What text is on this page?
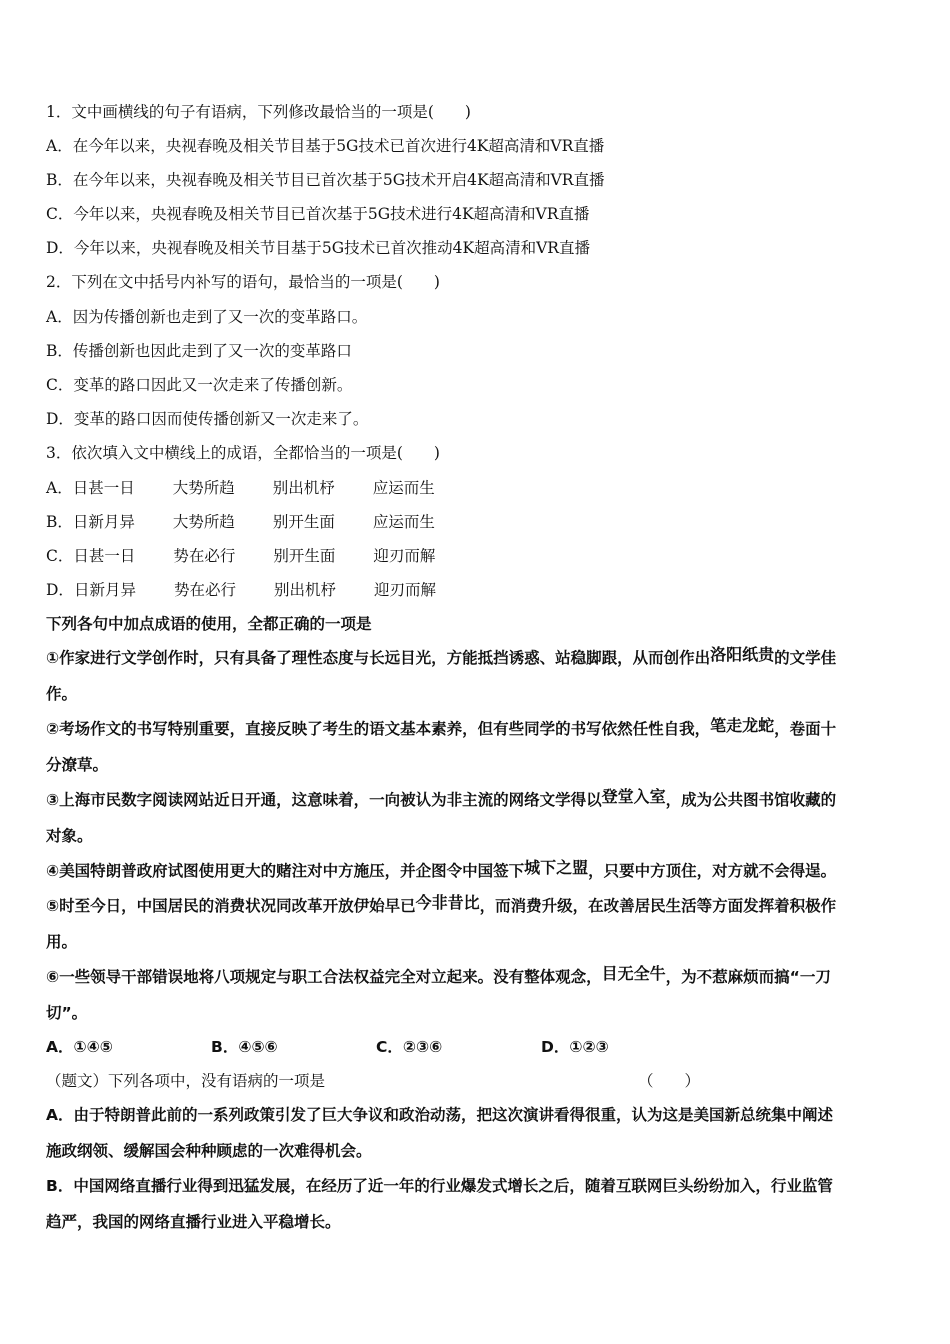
1．文中画横线的句子有语病，下列修改最恰当的一项是(　　)
A．在今年以来，央视春晚及相关节目基于5G技术已首次进行4K超高清和VR直播
B．在今年以来，央视春晚及相关节目已首次基于5G技术开启4K超高清和VR直播
C．今年以来，央视春晚及相关节目已首次基于5G技术进行4K超高清和VR直播
D．今年以来，央视春晚及相关节目基于5G技术已首次推动4K超高清和VR直播
2．下列在文中括号内补写的语句，最恰当的一项是(　　)
A．因为传播创新也走到了又一次的变革路口。
B．传播创新也因此走到了又一次的变革路口
C．变革的路口因此又一次走来了传播创新。
D．变革的路口因而使传播创新又一次走来了。
3．依次填入文中横线上的成语，全都恰当的一项是(　　)
A．日甚一日 大势所趋 别出机杼 应运而生
B．日新月异 大势所趋 别开生面 应运而生
C．日甚一日 势在必行 别开生面 迎刃而解
D．日新月异 势在必行 别出机杼 迎刃而解
下列各句中加点成语的使用，全都正确的一项是
①作家进行文学创作时，只有具备了理性态度与长远目光，方能抵挡诱惑、站稳脚跟，从而创作出洛阳纸贵的文学佳
作。
②考场作文的书写特别重要，直接反映了考生的语文基本素养，但有些同学的书写依然任性自我，笔走龙蛇，卷面十
分潦草。
③上海市民数字阅读网站近日开通，这意味着，一向被认为非主流的网络文学得以登堂入室，成为公共图书馆收藏的
对象。
④美国特朗普政府试图使用更大的赌注对中方施压，并企图令中国签下城下之盟，只要中方顶住，对方就不会得逞。
⑤时至今日，中国居民的消费状况同改革开放伊始早已今非昔比，而消费升级，在改善居民生活等方面发挥着积极作
用。
⑥一些领导干部错误地将八项规定与职工合法权益完全对立起来。没有整体观念，目无全牛，为不惹麻烦而搞“一刀
切”。
A．①④⑤	B．④⑤⑥	C．②③⑥	D．①②③
（题文）下列各项中，没有语病的一项是	（　　）
A．由于特朗普此前的一系列政策引发了巨大争议和政治动荡，把这次演讲看得很重，认为这是美国新总统集中阐述
施政纲领、缓解国会种种顾虑的一次难得机会。
B．中国网络直播行业得到迅猛发展，在经历了近一年的行业爆发式增长之后，随着互联网巨头纷纷加入，行业监管
趋严，我国的网络直播行业进入平稳增长。
